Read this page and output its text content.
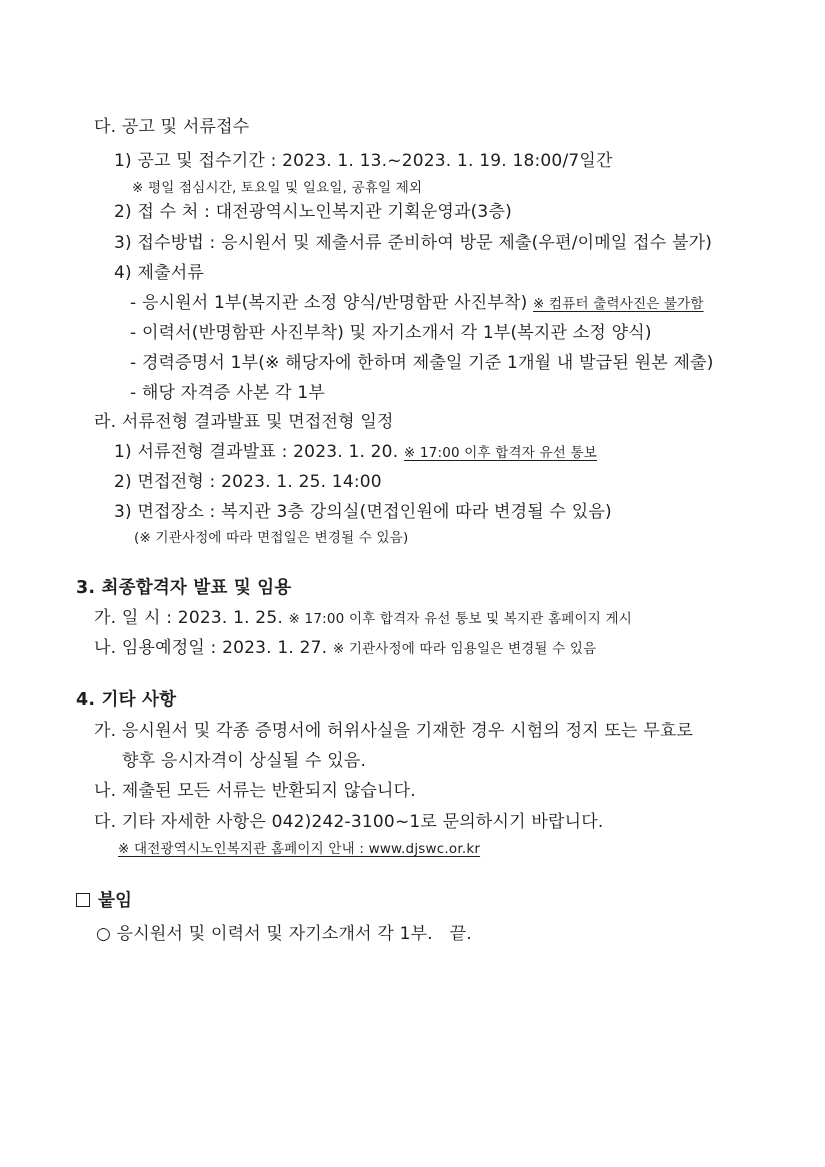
다. 공고 및 서류접수
1) 공고 및 접수기간 : 2023. 1. 13.~2023. 1. 19. 18:00/7일간
※ 평일 점심시간, 토요일 및 일요일, 공휴일 제외
2) 접 수 처 : 대전광역시노인복지관 기획운영과(3층)
3) 접수방법 : 응시원서 및 제출서류 준비하여 방문 제출(우편/이메일 접수 불가)
4) 제출서류
- 응시원서 1부(복지관 소정 양식/반명함판 사진부착) ※ 컴퓨터 출력사진은 불가함
- 이력서(반명함판 사진부착) 및 자기소개서 각 1부(복지관 소정 양식)
- 경력증명서 1부(※ 해당자에 한하며 제출일 기준 1개월 내 발급된 원본 제출)
- 해당 자격증 사본 각 1부
라. 서류전형 결과발표 및 면접전형 일정
1) 서류전형 결과발표 : 2023. 1. 20. ※ 17:00 이후 합격자 유선 통보
2) 면접전형 : 2023. 1. 25. 14:00
3) 면접장소 : 복지관 3층 강의실(면접인원에 따라 변경될 수 있음)
(※ 기관사정에 따라 면접일은 변경될 수 있음)
3. 최종합격자 발표 및 임용
가. 일 시 : 2023. 1. 25. ※ 17:00 이후 합격자 유선 통보 및 복지관 홈페이지 게시
나. 임용예정일 : 2023. 1. 27. ※ 기관사정에 따라 임용일은 변경될 수 있음
4. 기타 사항
가. 응시원서 및 각종 증명서에 허위사실을 기재한 경우 시험의 정지 또는 무효로
향후 응시자격이 상실될 수 있음.
나. 제출된 모든 서류는 반환되지 않습니다.
다. 기타 자세한 사항은 042)242-3100~1로 문의하시기 바랍니다.
※ 대전광역시노인복지관 홈페이지 안내 : www.djswc.or.kr
붙임
○ 응시원서 및 이력서 및 자기소개서 각 1부.   끝.
